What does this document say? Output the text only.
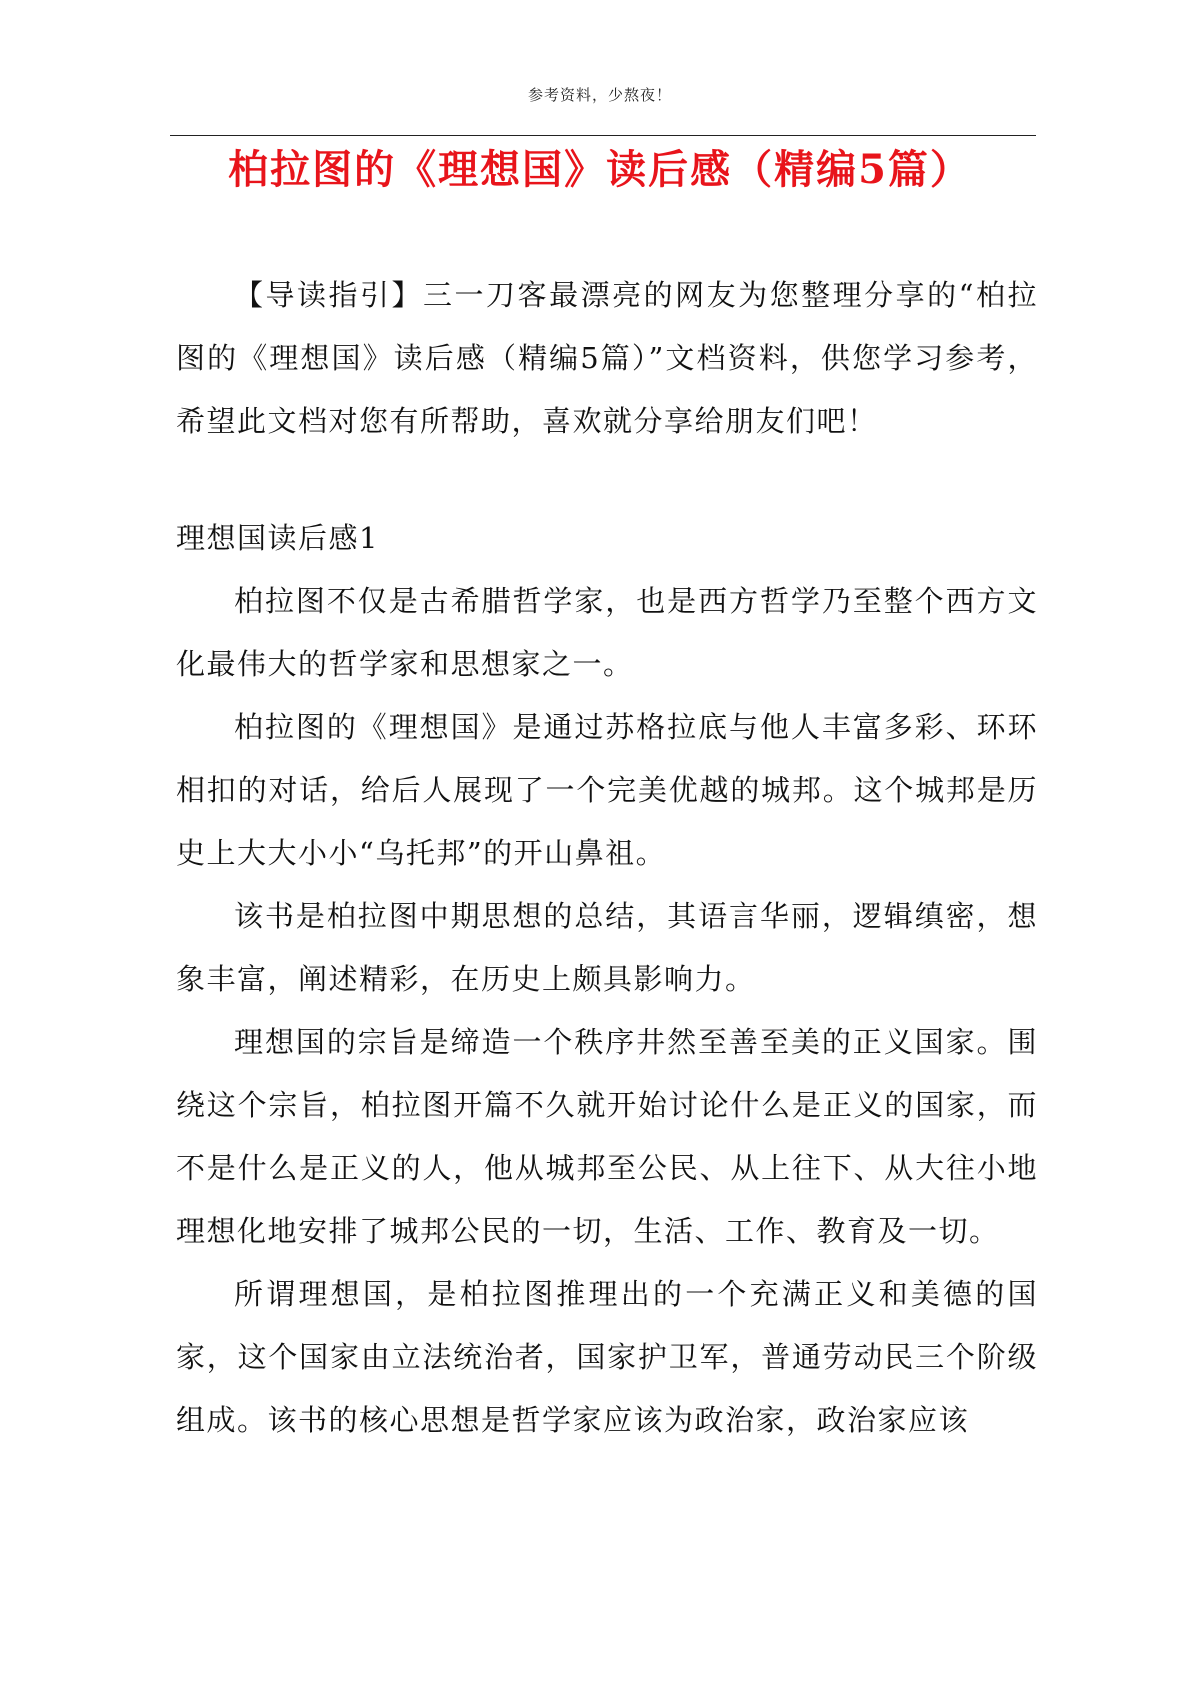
参考资料，少熬夜！
柏拉图的《理想国》读后感（精编5篇）

【导读指引】三一刀客最漂亮的网友为您整理分享的“柏拉图的《理想国》读后感（精编5篇）”文档资料，供您学习参考，希望此文档对您有所帮助，喜欢就分享给朋友们吧！

理想国读后感1

柏拉图不仅是古希腊哲学家，也是西方哲学乃至整个西方文化最伟大的哲学家和思想家之一。

柏拉图的《理想国》是通过苏格拉底与他人丰富多彩、环环相扣的对话，给后人展现了一个完美优越的城邦。这个城邦是历史上大大小小“乌托邦”的开山鼻祖。

该书是柏拉图中期思想的总结，其语言华丽，逻辑缜密，想象丰富，阐述精彩，在历史上颇具影响力。

理想国的宗旨是缔造一个秩序井然至善至美的正义国家。围绕这个宗旨，柏拉图开篇不久就开始讨论什么是正义的国家，而不是什么是正义的人，他从城邦至公民、从上往下、从大往小地理想化地安排了城邦公民的一切，生活、工作、教育及一切。

所谓理想国，是柏拉图推理出的一个充满正义和美德的国家，这个国家由立法统治者，国家护卫军，普通劳动民三个阶级组成。该书的核心思想是哲学家应该为政治家，政治家应该
